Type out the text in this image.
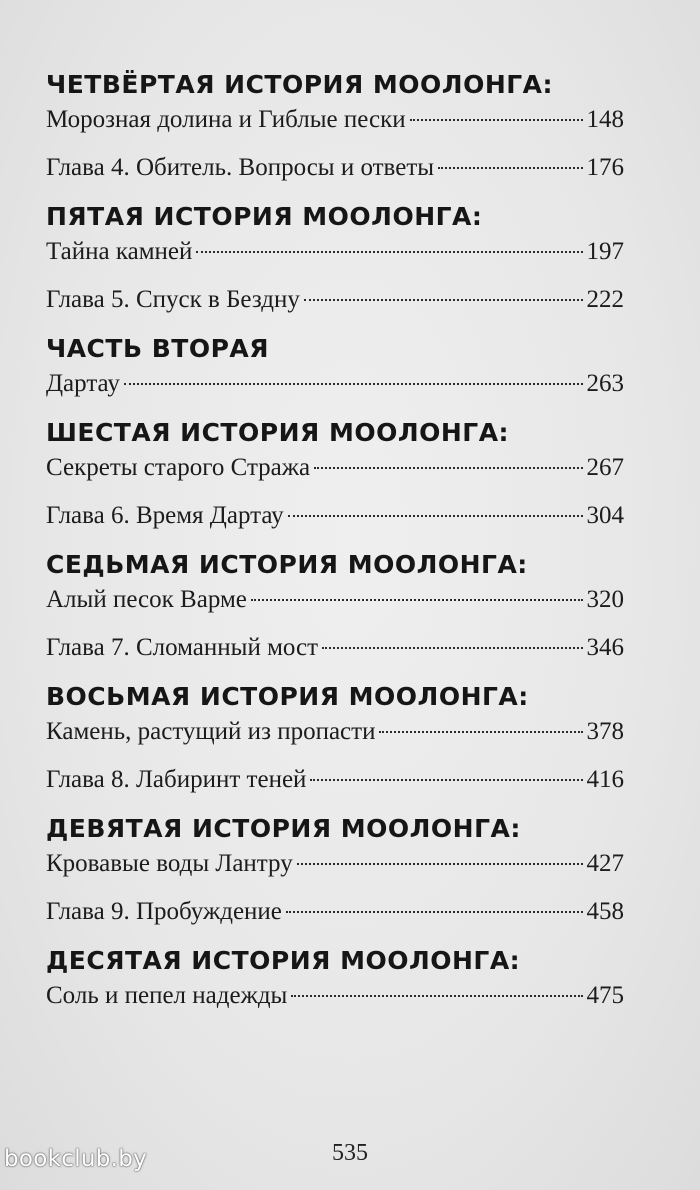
ЧЕТВЁРТАЯ ИСТОРИЯ МООЛОНГА:
Морозная долина и Гиблые пески	148
Глава 4. Обитель. Вопросы и ответы	176
ПЯТАЯ ИСТОРИЯ МООЛОНГА:
Тайна камней	197
Глава 5. Спуск в Бездну	222
ЧАСТЬ ВТОРАЯ
Дартау	263
ШЕСТАЯ ИСТОРИЯ МООЛОНГА:
Секреты старого Стража	267
Глава 6. Время Дартау	304
СЕДЬМАЯ ИСТОРИЯ МООЛОНГА:
Алый песок Варме	320
Глава 7. Сломанный мост	346
ВОСЬМАЯ ИСТОРИЯ МООЛОНГА:
Камень, растущий из пропасти	378
Глава 8. Лабиринт теней	416
ДЕВЯТАЯ ИСТОРИЯ МООЛОНГА:
Кровавые воды Лантру	427
Глава 9. Пробуждение	458
ДЕСЯТАЯ ИСТОРИЯ МООЛОНГА:
Соль и пепел надежды	475
535
bookclub.by
